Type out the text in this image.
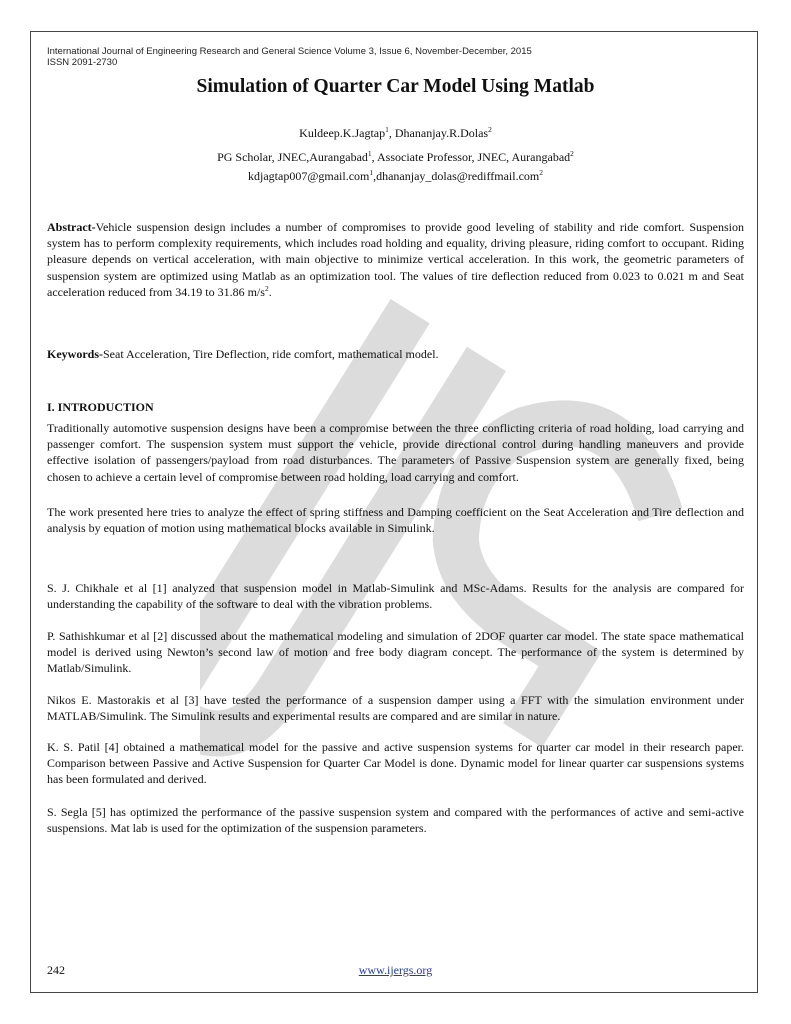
International Journal of Engineering Research and General Science Volume 3, Issue 6, November-December, 2015
ISSN 2091-2730
Simulation of Quarter Car Model Using Matlab
Kuldeep.K.Jagtap$^1$, Dhananjay.R.Dolas$^2$
PG Scholar, JNEC,Aurangabad$^1$, Associate Professor, JNEC, Aurangabad$^2$
kdjagtap007@gmail.com$^1$,dhananjay_dolas@rediffmail.com$^2$

Abstract-Vehicle suspension design includes a number of compromises to provide good leveling of stability and ride comfort. Suspension system has to perform complexity requirements, which includes road holding and equality, driving pleasure, riding comfort to occupant. Riding pleasure depends on vertical acceleration, with main objective to minimize vertical acceleration. In this work, the geometric parameters of suspension system are optimized using Matlab as an optimization tool. The values of tire deflection reduced from 0.023 to 0.021 m and Seat acceleration reduced from 34.19 to 31.86 $m/s^2$.

Keywords-Seat Acceleration, Tire Deflection, ride comfort, mathematical model.

I. INTRODUCTION

Traditionally automotive suspension designs have been a compromise between the three conflicting criteria of road holding, load carrying and passenger comfort. The suspension system must support the vehicle, provide directional control during handling maneuvers and provide effective isolation of passengers/payload from road disturbances. The parameters of Passive Suspension system are generally fixed, being chosen to achieve a certain level of compromise between road holding, load carrying and comfort.

The work presented here tries to analyze the effect of spring stiffness and Damping coefficient on the Seat Acceleration and Tire deflection and analysis by equation of motion using mathematical blocks available in Simulink.

S. J. Chikhale et al [1] analyzed that suspension model in Matlab-Simulink and MSc-Adams. Results for the analysis are compared for understanding the capability of the software to deal with the vibration problems.

P. Sathishkumar et al [2] discussed about the mathematical modeling and simulation of 2DOF quarter car model. The state space mathematical model is derived using Newton’s second law of motion and free body diagram concept. The performance of the system is determined by Matlab/Simulink.

Nikos E. Mastorakis et al [3] have tested the performance of a suspension damper using a FFT with the simulation environment under MATLAB/Simulink. The Simulink results and experimental results are compared and are similar in nature.

K. S. Patil [4] obtained a mathematical model for the passive and active suspension systems for quarter car model in their research paper. Comparison between Passive and Active Suspension for Quarter Car Model is done. Dynamic model for linear quarter car suspensions systems has been formulated and derived.

S. Segla [5] has optimized the performance of the passive suspension system and compared with the performances of active and semi-active suspensions. Mat lab is used for the optimization of the suspension parameters.

242	www.ijergs.org
